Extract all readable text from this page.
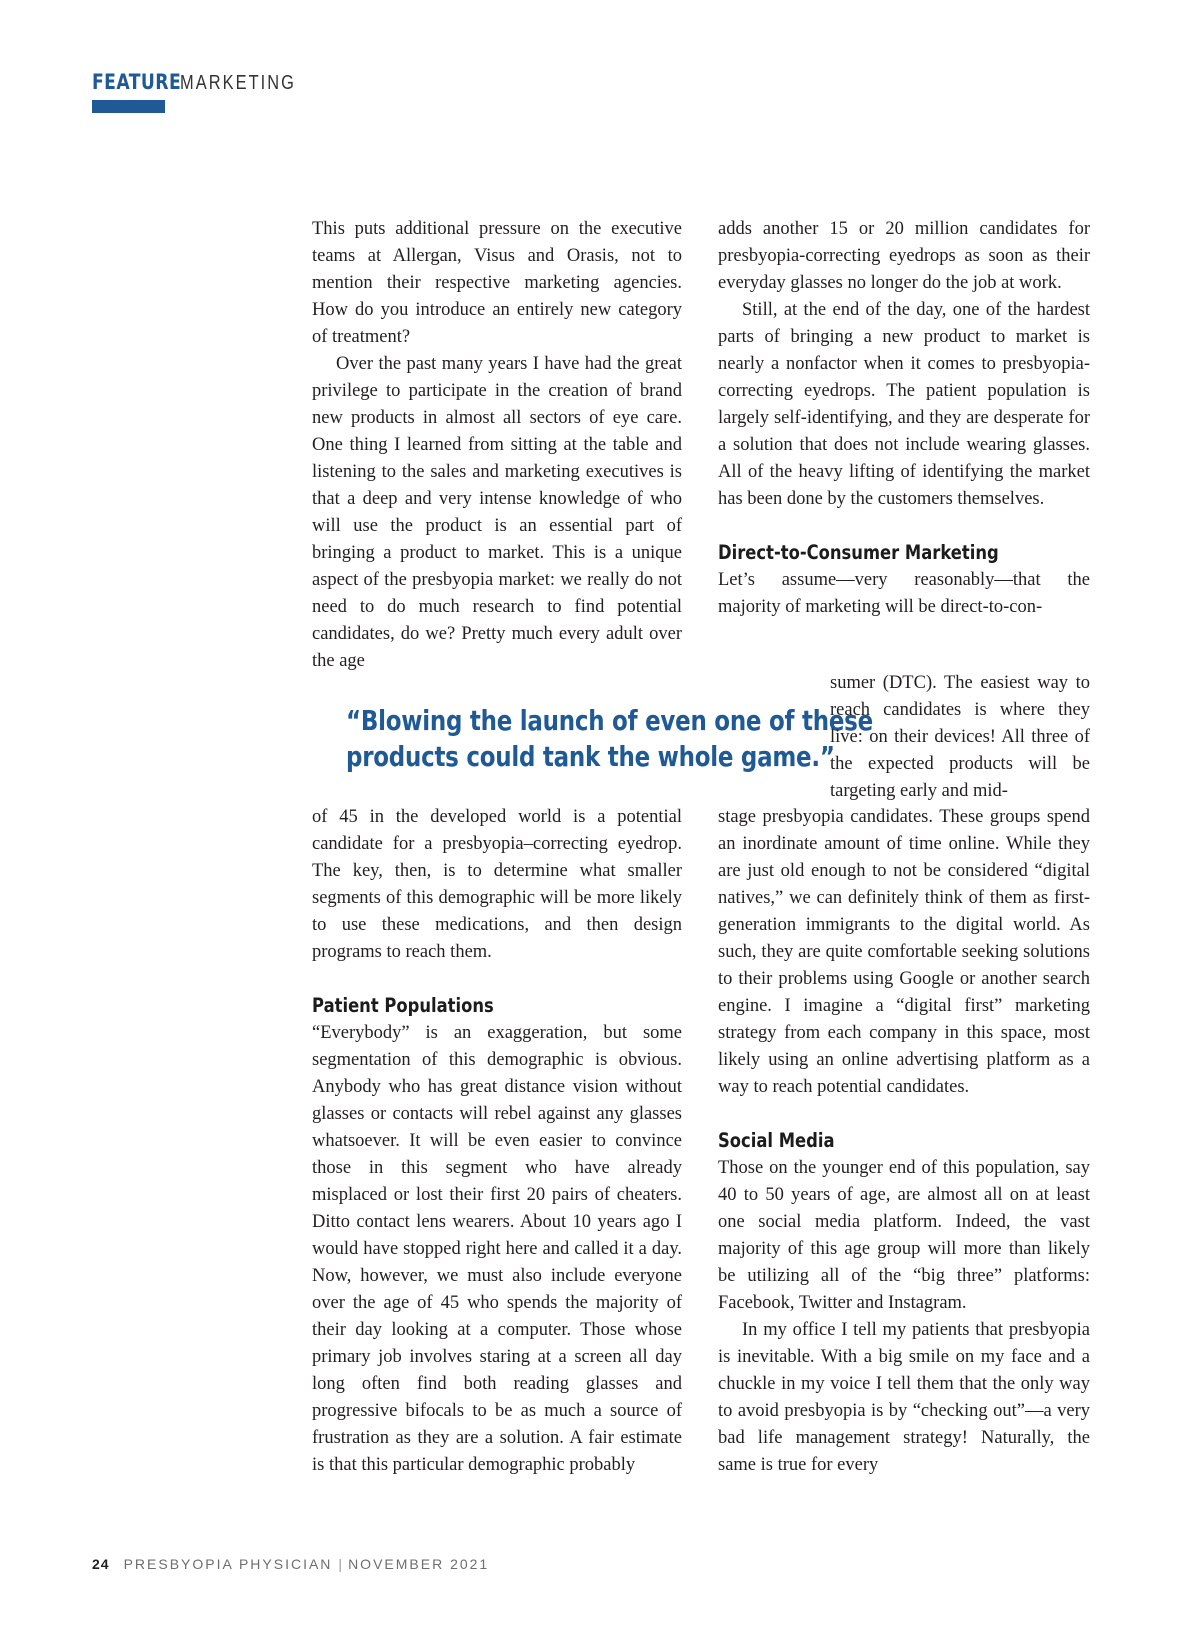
FEATURE
MARKETING

This puts additional pressure on the executive teams at Allergan, Visus and Orasis, not to mention their respective marketing agencies. How do you introduce an entirely new category of treatment?

Over the past many years I have had the great privilege to participate in the creation of brand new products in almost all sectors of eye care. One thing I learned from sitting at the table and listening to the sales and marketing executives is that a deep and very intense knowledge of who will use the product is an essential part of bringing a product to market. This is a unique aspect of the presbyopia market: we really do not need to do much research to find potential candidates, do we? Pretty much every adult over the age

“Blowing the launch of even one of these
products could tank the whole game.”

of 45 in the developed world is a potential candidate for a presbyopia–correcting eyedrop. The key, then, is to determine what smaller segments of this demographic will be more likely to use these medications, and then design programs to reach them.

Patient Populations

“Everybody” is an exaggeration, but some segmentation of this demographic is obvious. Anybody who has great distance vision without glasses or contacts will rebel against any glasses whatsoever. It will be even easier to convince those in this segment who have already misplaced or lost their first 20 pairs of cheaters. Ditto contact lens wearers. About 10 years ago I would have stopped right here and called it a day. Now, however, we must also include everyone over the age of 45 who spends the majority of their day looking at a computer. Those whose primary job involves staring at a screen all day long often find both reading glasses and progressive bifocals to be as much a source of frustration as they are a solution. A fair estimate is that this particular demographic probably

adds another 15 or 20 million candidates for presbyopia-correcting eyedrops as soon as their everyday glasses no longer do the job at work.

Still, at the end of the day, one of the hardest parts of bringing a new product to market is nearly a nonfactor when it comes to presbyopia-correcting eyedrops. The patient population is largely self-identifying, and they are desperate for a solution that does not include wearing glasses. All of the heavy lifting of identifying the market has been done by the customers themselves.

Direct-to-Consumer Marketing

Let’s assume—very reasonably—that the majority of marketing will be direct-to-con-

sumer (DTC). The easiest way to reach candidates is where they live: on their devices! All three of the expected products will be targeting early and mid-

stage presbyopia candidates. These groups spend an inordinate amount of time online. While they are just old enough to not be considered “digital natives,” we can definitely think of them as first-generation immigrants to the digital world. As such, they are quite comfortable seeking solutions to their problems using Google or another search engine. I imagine a “digital first” marketing strategy from each company in this space, most likely using an online advertising platform as a way to reach potential candidates.

Social Media

Those on the younger end of this population, say 40 to 50 years of age, are almost all on at least one social media platform. Indeed, the vast majority of this age group will more than likely be utilizing all of the “big three” platforms: Facebook, Twitter and Instagram.

In my office I tell my patients that presbyopia is inevitable. With a big smile on my face and a chuckle in my voice I tell them that the only way to avoid presbyopia is by “checking out”—a very bad life management strategy! Naturally, the same is true for every

24 PRESBYOPIA PHYSICIAN | NOVEMBER 2021
